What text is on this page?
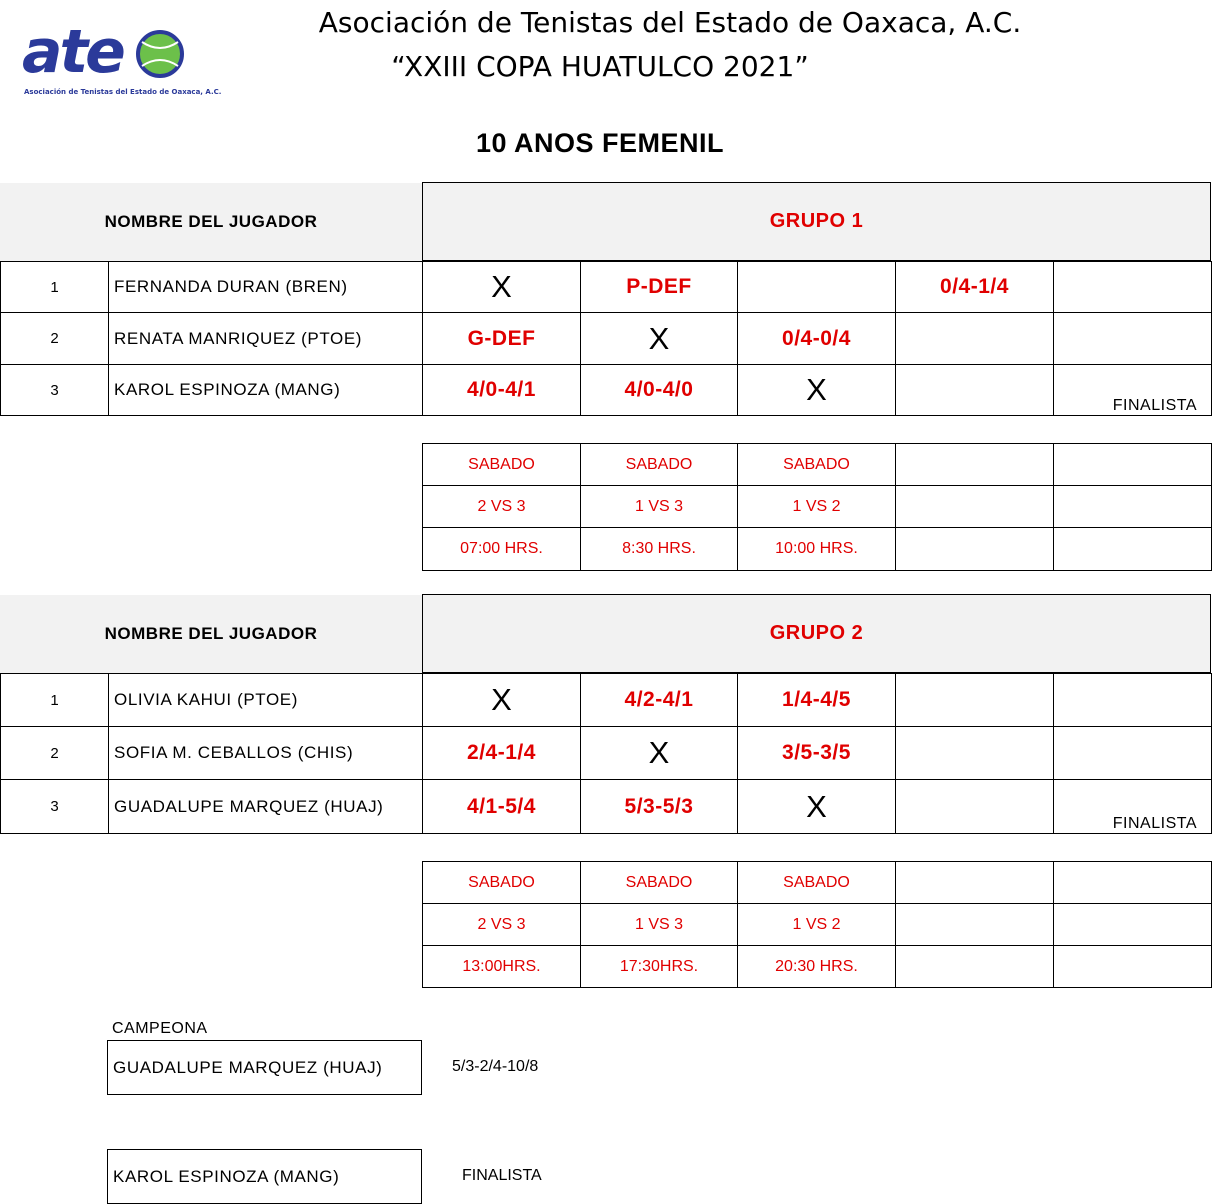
ate
Asociación de Tenistas del Estado de Oaxaca, A.C.
Asociación de Tenistas del Estado de Oaxaca, A.C.
“XXIII COPA HUATULCO 2021”
10 ANOS FEMENIL
NOMBRE DEL JUGADOR	GRUPO 1
1	FERNANDA DURAN (BREN)	X	P-DEF		0/4-1/4	
2	RENATA MANRIQUEZ (PTOE)	G-DEF	X	0/4-0/4		
3	KAROL ESPINOZA (MANG)	4/0-4/1	4/0-4/0	X		FINALISTA
SABADO	SABADO	SABADO		
2 VS 3	1 VS 3	1 VS 2		
07:00 HRS.	8:30 HRS.	10:00 HRS.		
NOMBRE DEL JUGADOR	GRUPO 2
1	OLIVIA KAHUI (PTOE)	X	4/2-4/1	1/4-4/5		
2	SOFIA M. CEBALLOS (CHIS)	2/4-1/4	X	3/5-3/5		
3	GUADALUPE MARQUEZ (HUAJ)	4/1-5/4	5/3-5/3	X		FINALISTA
SABADO	SABADO	SABADO		
2 VS 3	1 VS 3	1 VS 2		
13:00HRS.	17:30HRS.	20:30 HRS.		
CAMPEONA
GUADALUPE MARQUEZ (HUAJ)	5/3-2/4-10/8
KAROL ESPINOZA (MANG)	FINALISTA
